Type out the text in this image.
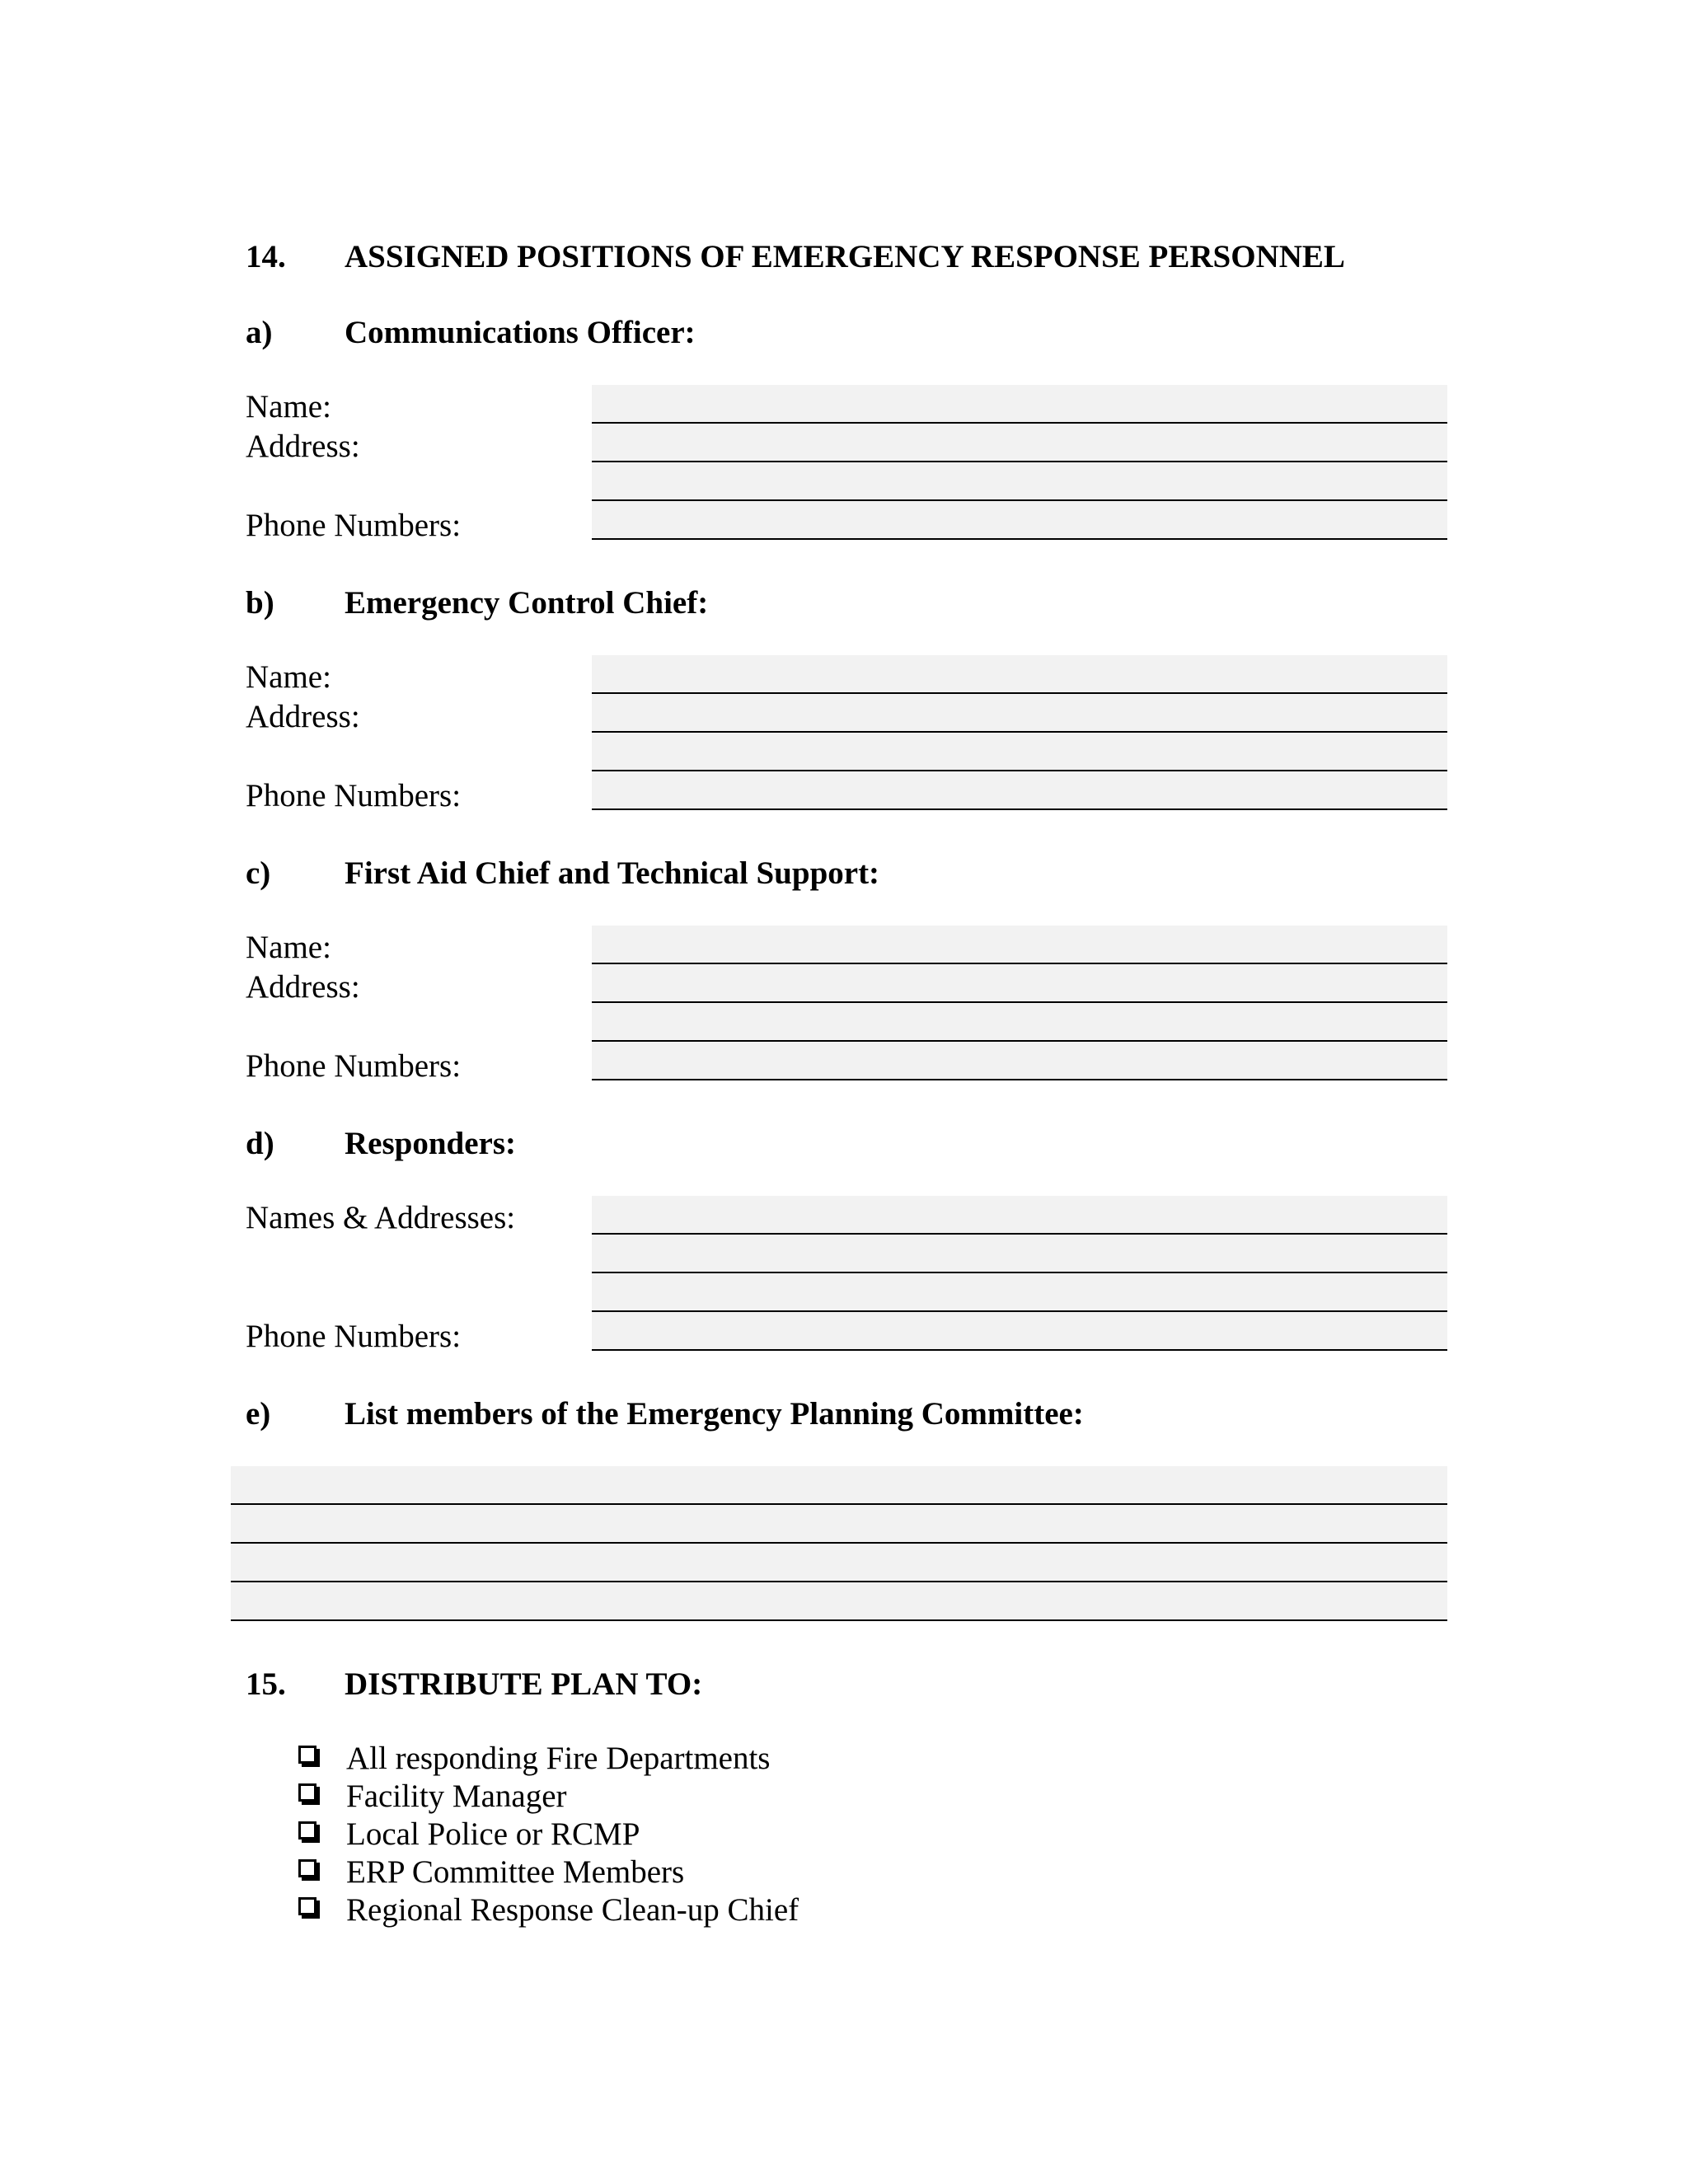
14. ASSIGNED POSITIONS OF EMERGENCY RESPONSE PERSONNEL
a) Communications Officer:
Name:
Address:
Phone Numbers:
b) Emergency Control Chief:
Name:
Address:
Phone Numbers:
c) First Aid Chief and Technical Support:
Name:
Address:
Phone Numbers:
d) Responders:
Names & Addresses:
Phone Numbers:
e) List members of the Emergency Planning Committee:
15. DISTRIBUTE PLAN TO:
All responding Fire Departments
Facility Manager
Local Police or RCMP
ERP Committee Members
Regional Response Clean-up Chief
